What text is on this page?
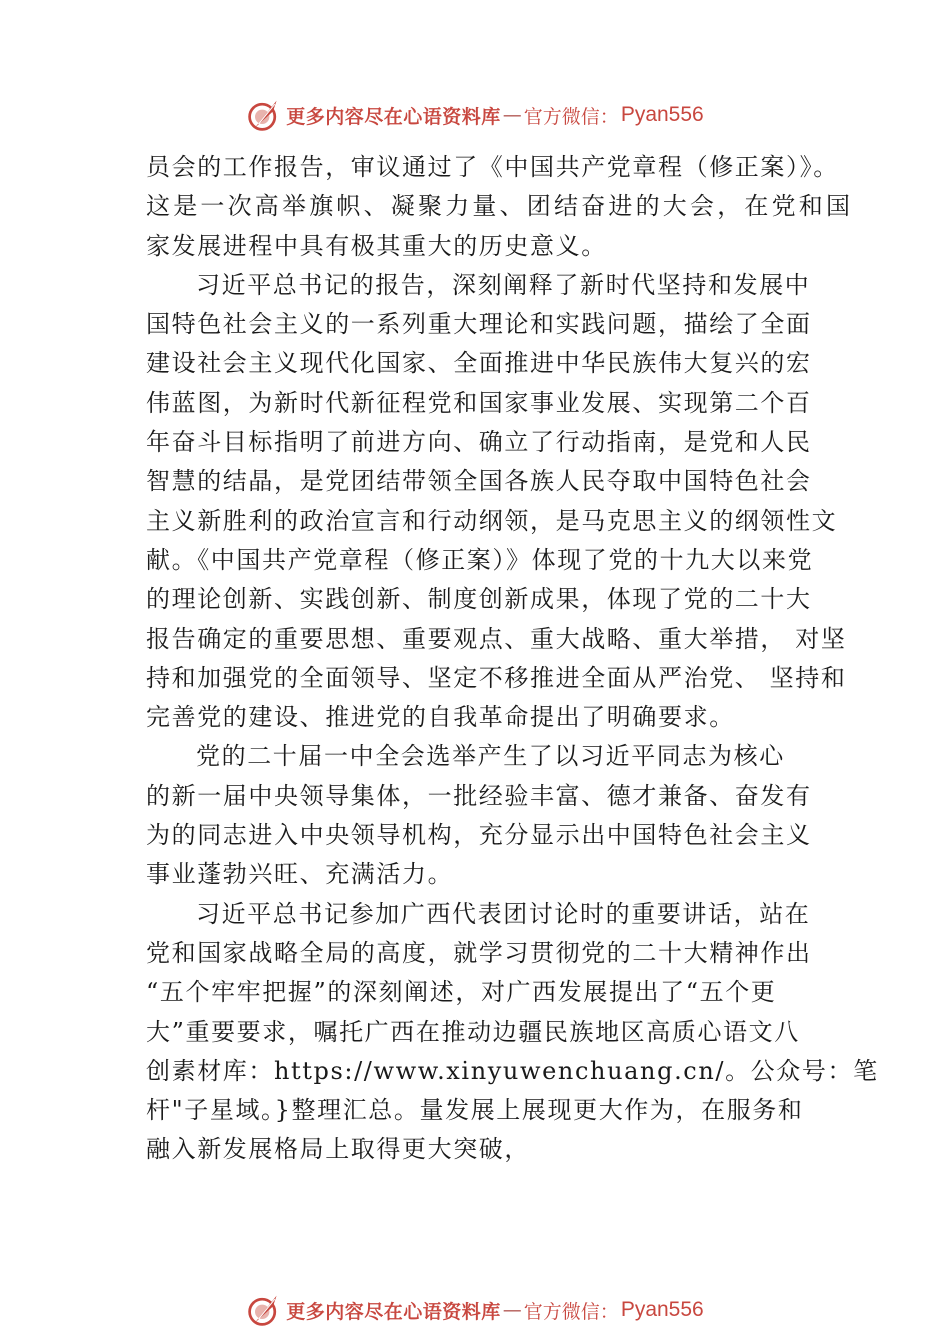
更多内容尽在心语资料库 — 官方微信： Pyan556
员会的工作报告，审议通过了《中国共产党章程（修正案）》。
这是一次高举旗帜、凝聚力量、团结奋进的大会，在党和国
家发展进程中具有极其重大的历史意义。
习近平总书记的报告，深刻阐释了新时代坚持和发展中
国特色社会主义的一系列重大理论和实践问题，描绘了全面
建设社会主义现代化国家、全面推进中华民族伟大复兴的宏
伟蓝图，为新时代新征程党和国家事业发展、实现第二个百
年奋斗目标指明了前进方向、确立了行动指南，是党和人民
智慧的结晶，是党团结带领全国各族人民夺取中国特色社会
主义新胜利的政治宣言和行动纲领，是马克思主义的纲领性文
献。《中国共产党章程（修正案）》体现了党的十九大以来党
的理论创新、实践创新、制度创新成果，体现了党的二十大
报告确定的重要思想、重要观点、重大战略、重大举措， 对坚
持和加强党的全面领导、坚定不移推进全面从严治党、 坚持和
完善党的建设、推进党的自我革命提出了明确要求。
党的二十届一中全会选举产生了以习近平同志为核心
的新一届中央领导集体，一批经验丰富、德才兼备、奋发有
为的同志进入中央领导机构，充分显示出中国特色社会主义
事业蓬勃兴旺、充满活力。
习近平总书记参加广西代表团讨论时的重要讲话，站在
党和国家战略全局的高度，就学习贯彻党的二十大精神作出
“五个牢牢把握”的深刻阐述，对广西发展提出了“五个更
大”重要要求，嘱托广西在推动边疆民族地区高质心语文八
创素材库：https://www.xinyuwenchuang.cn/。公众号：笔
杆"子星域。}整理汇总。量发展上展现更大作为，在服务和
融入新发展格局上取得更大突破，
更多内容尽在心语资料库 — 官方微信： Pyan556
